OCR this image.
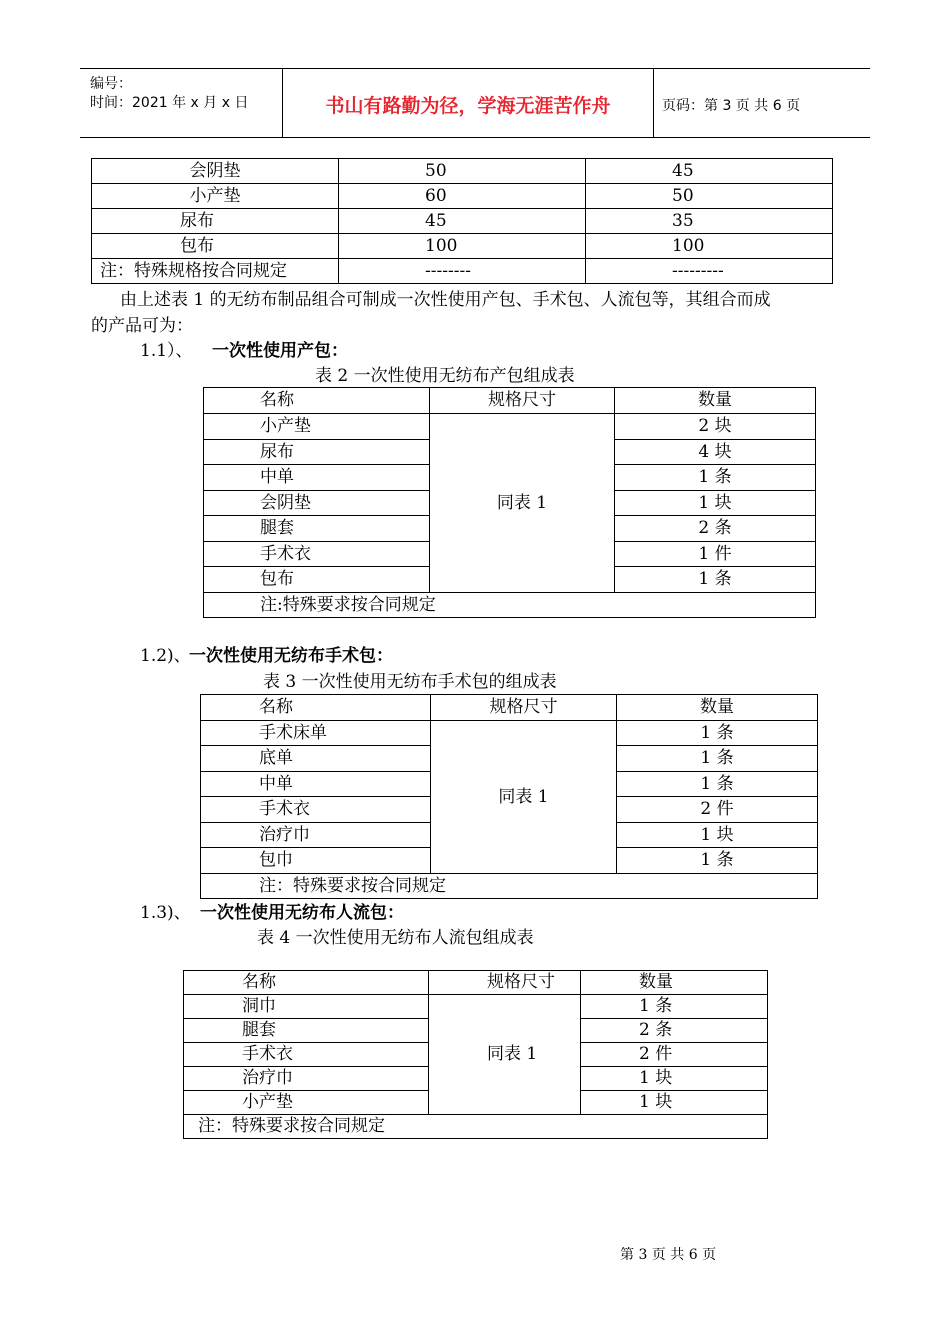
编号：
时间：2021 年 x 月 x 日	书山有路勤为径，学海无涯苦作舟	页码：第 3 页 共 6 页
会阴垫	50	45
小产垫	60	50
尿布	45	35
包布	100	100
注：特殊规格按合同规定	--------	---------
由上述表 1 的无纺布制品组合可制成一次性使用产包、手术包、人流包等，其组合而成
的产品可为：
1.1）、 一次性使用产包：
表 2 一次性使用无纺布产包组成表
名称	规格尺寸	数量
小产垫	同表 1	2 块
尿布		4 块
中单		1 条
会阴垫		1 块
腿套		2 条
手术衣		1 件
包布		1 条
注:特殊要求按合同规定		
1.2)、
一次性使用无纺布手术包：
表 3 一次性使用无纺布手术包的组成表
名称	规格尺寸	数量
手术床单	同表 1	1 条
底单		1 条
中单		1 条
手术衣		2 件
治疗巾		1 块
包巾		1 条
注：特殊要求按合同规定		
1.3)、 一次性使用无纺布人流包：
表 4 一次性使用无纺布人流包组成表
名称	规格尺寸	数量
洞巾	同表 1	1 条
腿套		2 条
手术衣		2 件
治疗巾		1 块
小产垫		1 块
注：特殊要求按合同规定		
第 3 页 共 6 页
